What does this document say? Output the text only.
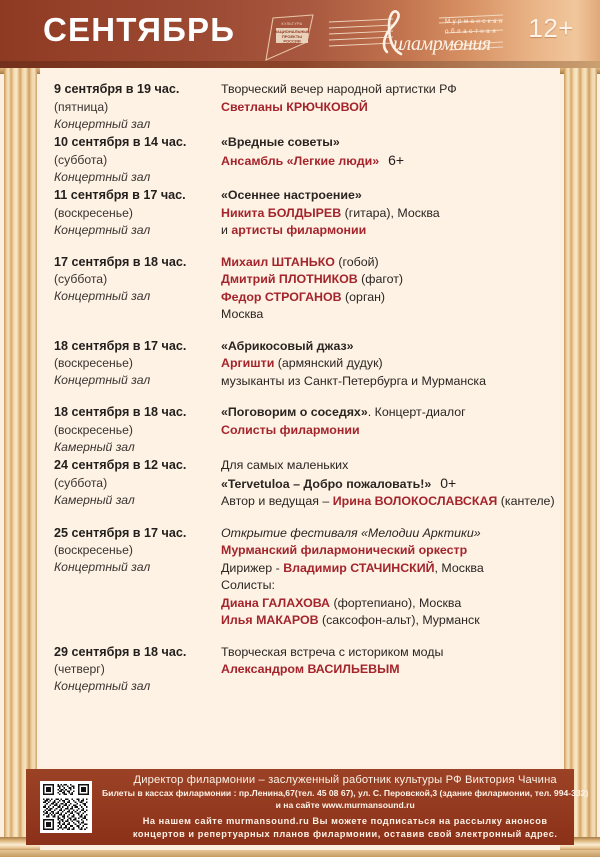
СЕНТЯБРЬ	КУЛЬТУРА
НАЦИОНАЛЬНЫЕ
ПРОЕКТЫ
РОССИИ	иламрмония
Мурманская
областная 12+
9 сентября в 19 час.
(пятница)
Концертный зал
Творческий вечер народной артистки РФ
Светланы КРЮЧКОВОЙ
10 сентября в 14 час.
(суббота)
Концертный зал
«Вредные советы»
Ансамбль «Легкие люди» 6+
11 сентября в 17 час.
(воскресенье)
Концертный зал
«Осеннее настроение»
Никита БОЛДЫРЕВ (гитара), Москва
и артисты филармонии
17 сентября в 18 час.
(суббота)
Концертный зал
Михаил ШТАНЬКО (гобой)
Дмитрий ПЛОТНИКОВ (фагот)
Федор СТРОГАНОВ (орган)
Москва
18 сентября в 17 час.
(воскресенье)
Концертный зал
«Абрикосовый джаз»
Аргишти (армянский дудук)
музыканты из Санкт-Петербурга и Мурманска
18 сентября в 18 час.
(воскресенье)
Камерный зал
«Поговорим о соседях». Концерт-диалог
Солисты филармонии
24 сентября в 12 час.
(суббота)
Камерный зал
Для самых маленьких
«Tervetuloa – Добро пожаловать!» 0+
Автор и ведущая – Ирина ВОЛОКОСЛАВСКАЯ (кантеле)
25 сентября в 17 час.
(воскресенье)
Концертный зал
Открытие фестиваля «Мелодии Арктики»
Мурманский филармонический оркестр
Дирижер - Владимир СТАЧИНСКИЙ, Москва
Солисты:
Диана ГАЛАХОВА (фортепиано), Москва
Илья МАКАРОВ (саксофон-альт), Мурманск
29 сентября в 18 час.
(четверг)
Концертный зал
Творческая встреча с историком моды
Александром ВАСИЛЬЕВЫМ
Директор филармонии – заслуженный работник культуры РФ Виктория Чачина
Билеты в кассах филармонии : пр.Ленина,67(тел. 45 08 67), ул. С. Перовской,3 (здание филармонии, тел. 994-332)
и на сайте www.murmansound.ru
На нашем сайте murmansound.ru Вы можете подписаться на рассылку анонсов
концертов и репертуарных планов филармонии, оставив свой электронный адрес.
